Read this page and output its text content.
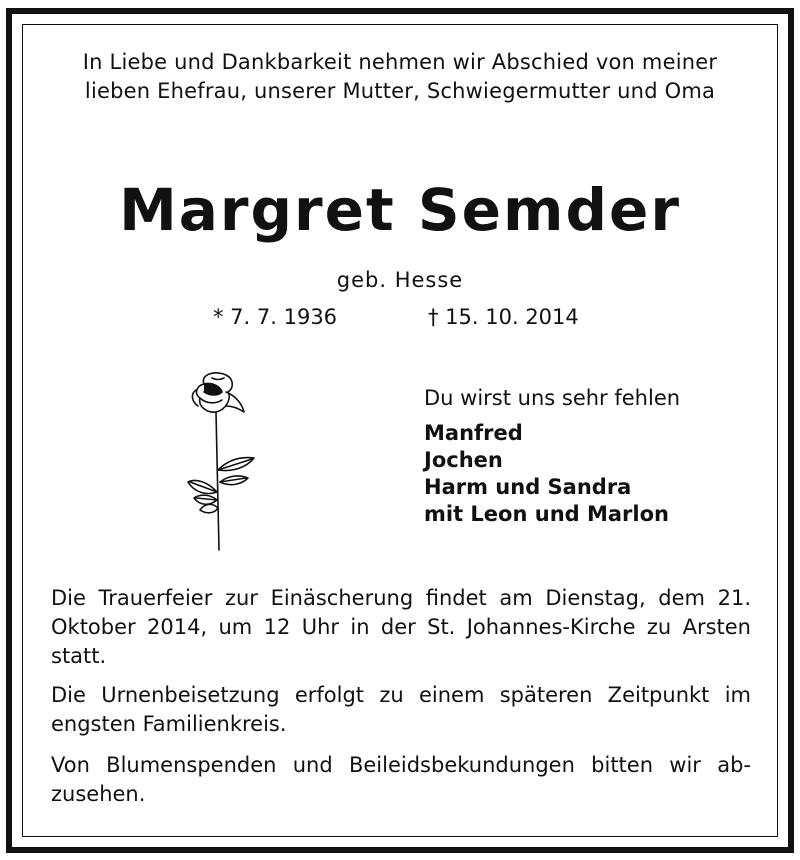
In Liebe und Dankbarkeit nehmen wir Abschied von meiner
lieben Ehefrau, unserer Mutter, Schwiegermutter und Oma
Margret Semder
geb. Hesse
* 7. 7. 1936	† 15. 10. 2014
Du wirst uns sehr fehlen
Manfred
Jochen
Harm und Sandra
mit Leon und Marlon
Die Trauerfeier zur Einäscherung findet am Dienstag, dem 21. Oktober 2014, um 12 Uhr in der St. Johannes-Kirche zu Arsten statt.
Die Urnenbeisetzung erfolgt zu einem späteren Zeitpunkt im engsten Familienkreis.
Von Blumenspenden und Beileidsbekundungen bitten wir ab-zusehen.
